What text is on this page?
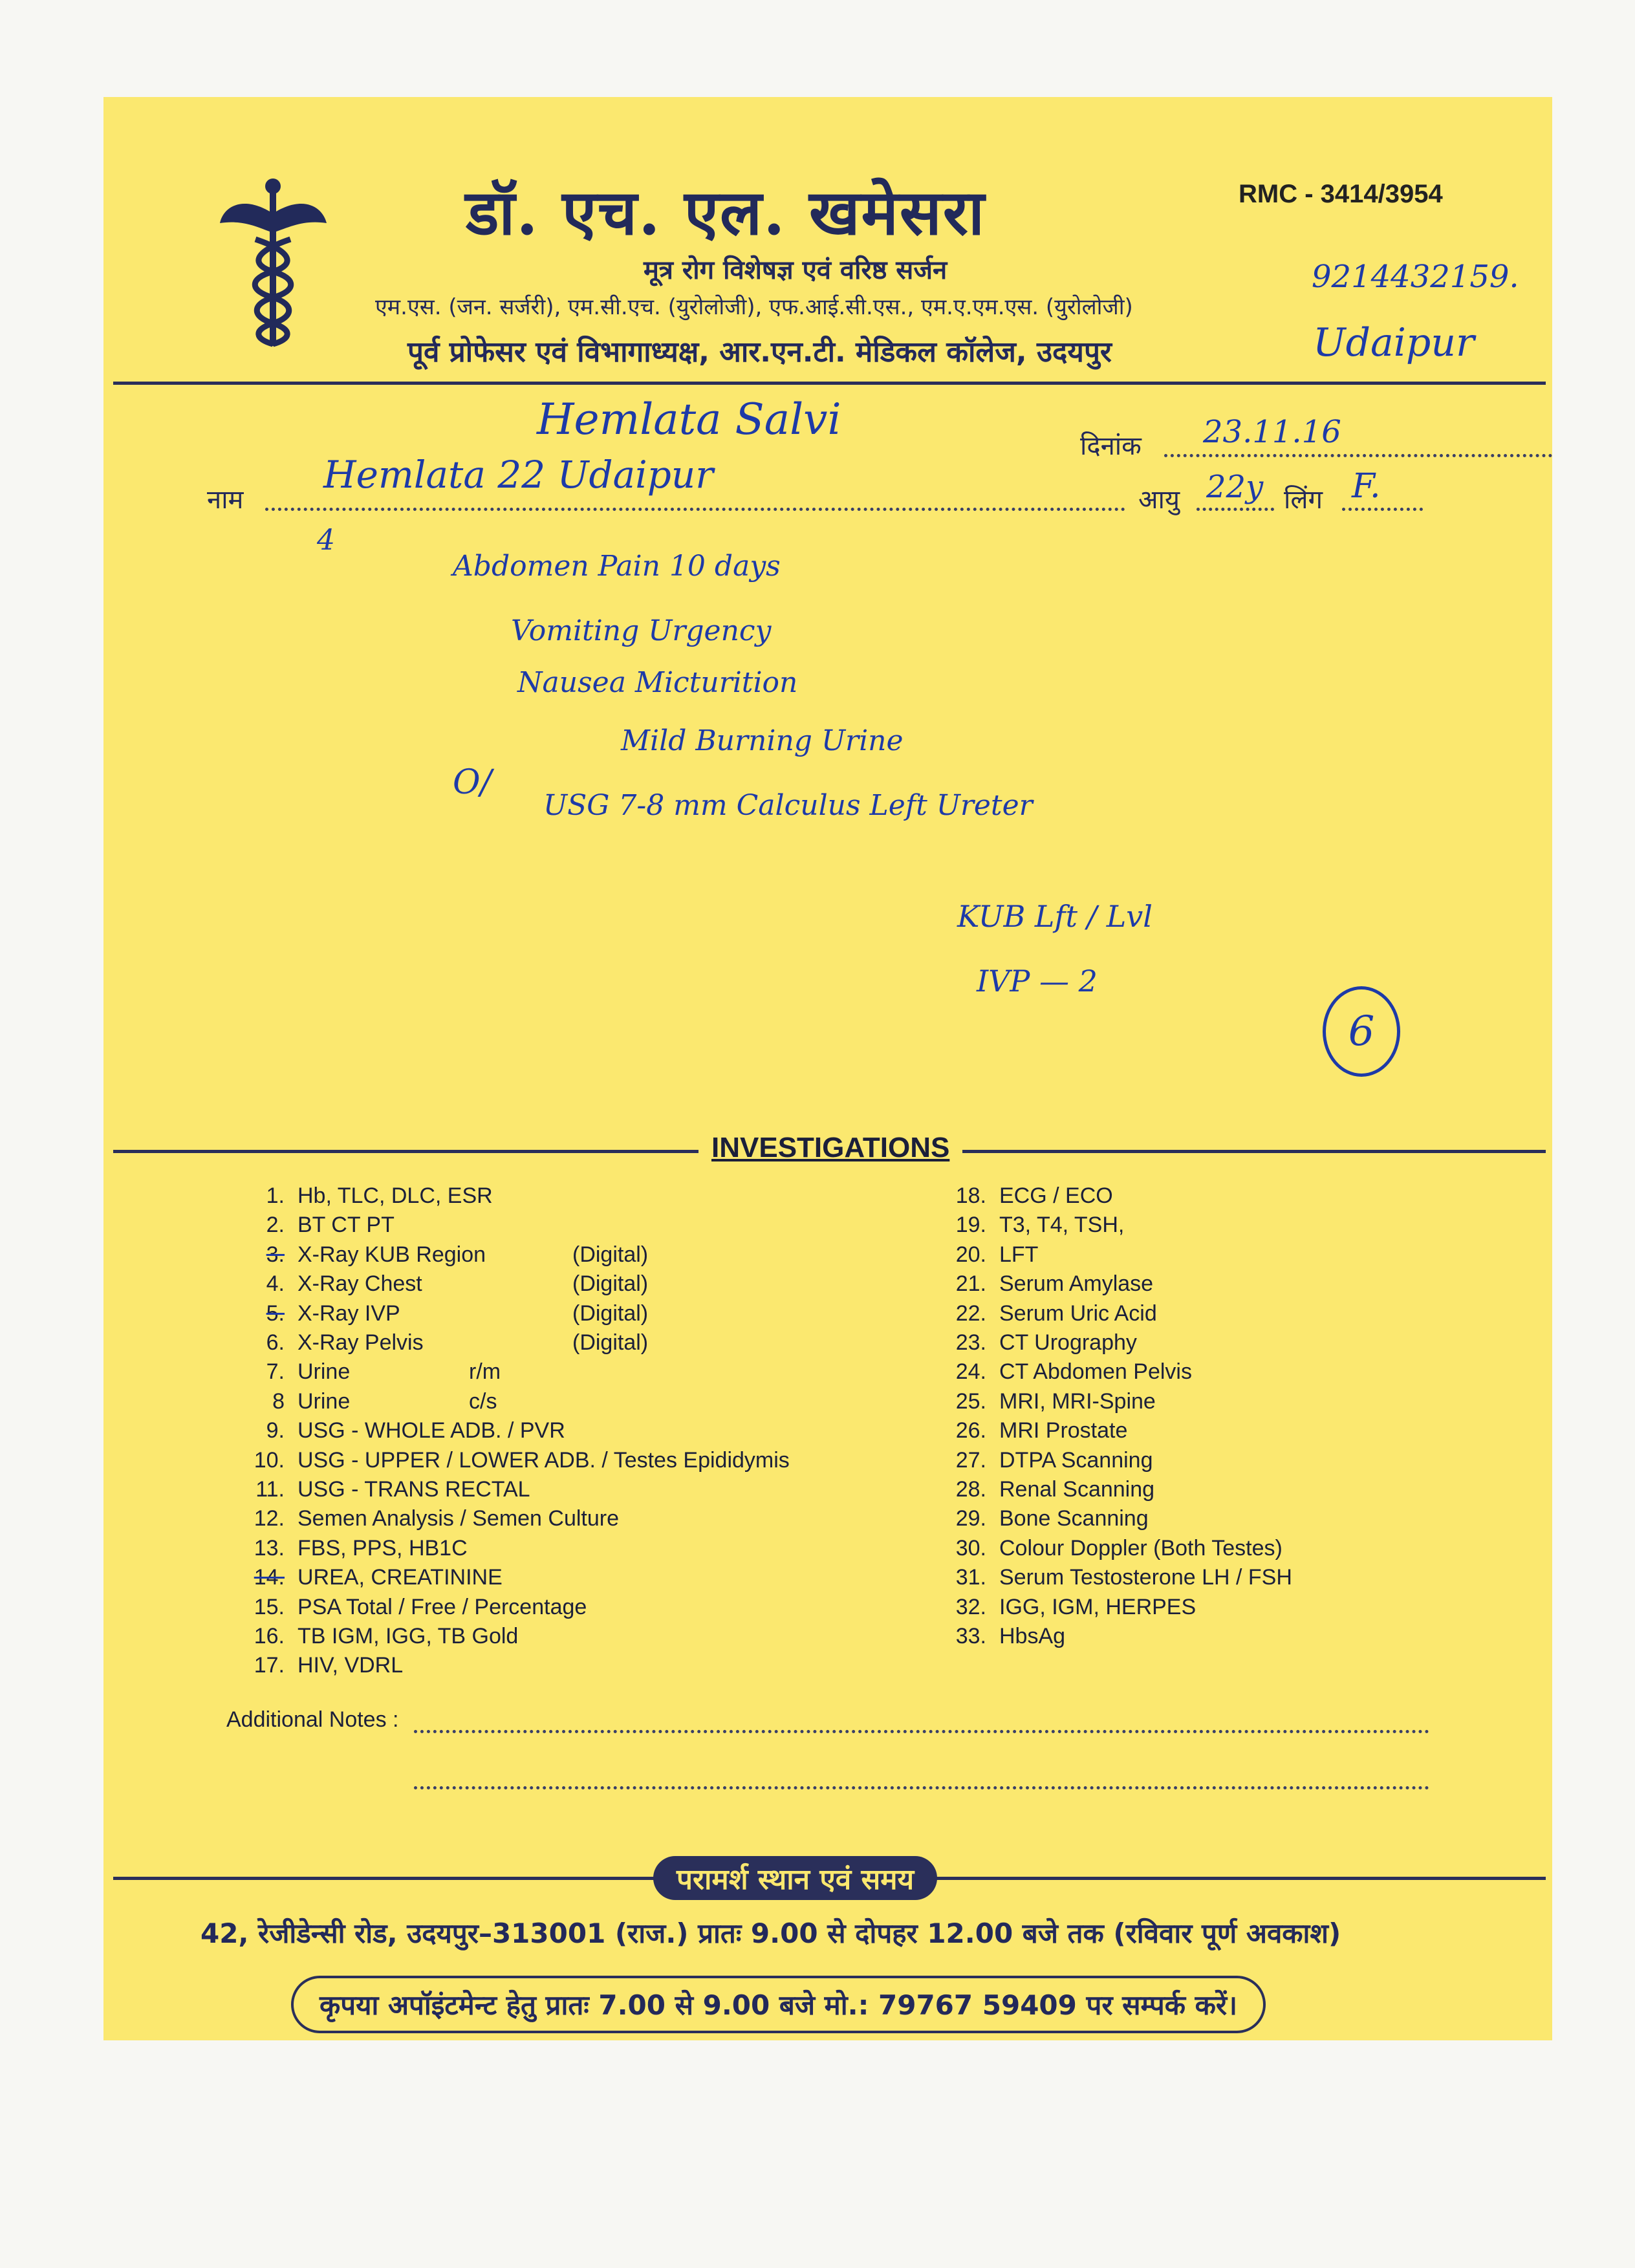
डॉ. एच. एल. खमेसरा	RMC - 3414/3954
मूत्र रोग विशेषज्ञ एवं वरिष्ठ सर्जन
एम.एस. (जन. सर्जरी), एम.सी.एच. (युरोलोजी), एफ.आई.सी.एस., एम.ए.एम.एस. (युरोलोजी)
पूर्व प्रोफेसर एवं विभागाध्यक्ष, आर.एन.टी. मेडिकल कॉलेज, उदयपुर
9214432159.
Udaipur
Hemlata Salvi
दिनांक 23.11.16
नाम
Hemlata 22 Udaipur
आयु 22y लिंग F.
4
Abdomen Pain 10 days
Vomiting Urgency
Nausea Micturition
Mild Burning Urine
O/
USG 7-8 mm Calculus Left Ureter
KUB Lft / Lvl
IVP — 2
6
INVESTIGATIONS
Additional Notes :
परामर्श स्थान एवं समय
42, रेजीडेन्सी रोड, उदयपुर–313001 (राज.) प्रातः 9.00 से दोपहर 12.00 बजे तक (रविवार पूर्ण अवकाश)
कृपया अपॉइंटमेन्ट हेतु प्रातः 7.00 से 9.00 बजे मो.: 79767 59409 पर सम्पर्क करें।
1. Hb, TLC, DLC, ESR
2. BT CT PT
3. X-Ray KUB Region	(Digital)
4. X-Ray Chest	(Digital)
5. X-Ray IVP	(Digital)
6. X-Ray Pelvis	(Digital)
7. Urine	r/m
8 Urine	c/s
9. USG - WHOLE ADB. / PVR
10. USG - UPPER / LOWER ADB. / Testes Epididymis
11. USG - TRANS RECTAL
12. Semen Analysis / Semen Culture
13. FBS, PPS, HB1C
14. UREA, CREATININE
15. PSA Total / Free / Percentage
16. TB IGM, IGG, TB Gold
17. HIV, VDRL
18. ECG / ECO
19. T3, T4, TSH,
20. LFT
21. Serum Amylase
22. Serum Uric Acid
23. CT Urography
24. CT Abdomen Pelvis
25. MRI, MRI-Spine
26. MRI Prostate
27. DTPA Scanning
28. Renal Scanning
29. Bone Scanning
30. Colour Doppler (Both Testes)
31. Serum Testosterone LH / FSH
32. IGG, IGM, HERPES
33. HbsAg
